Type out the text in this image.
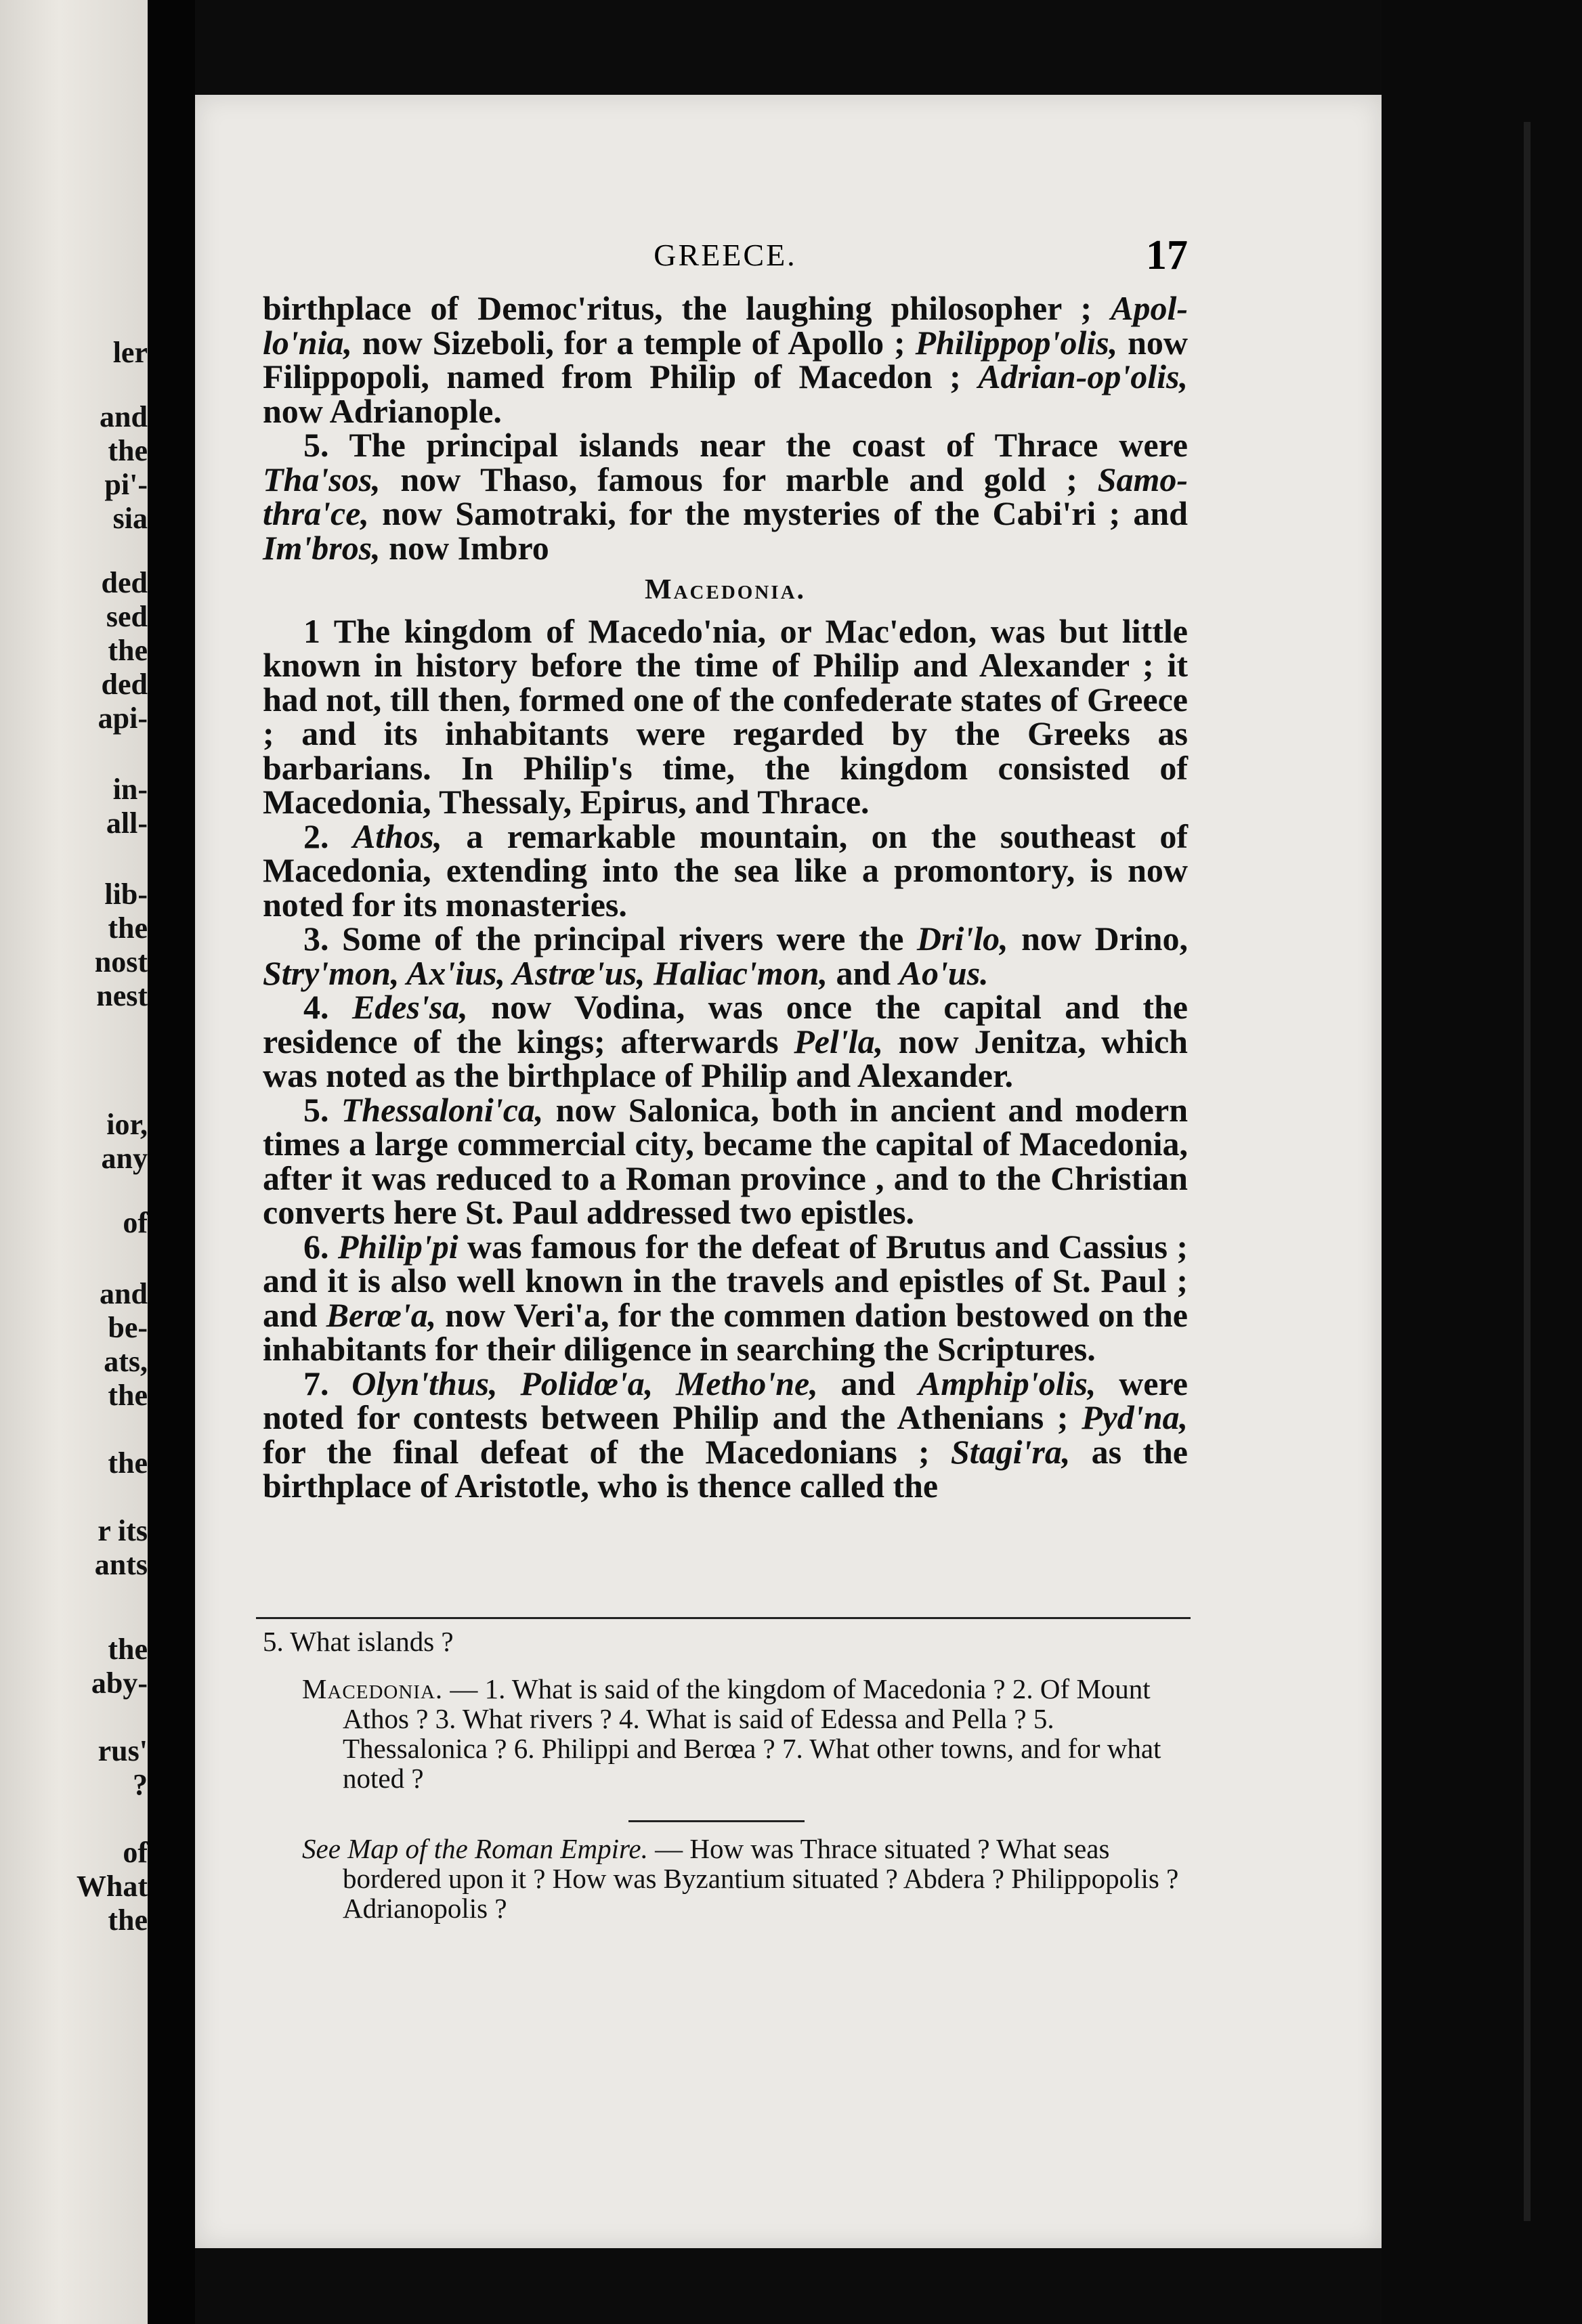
ler
and
the
pi'-
sia
ded
sed
the
ded
api-
in-
all-
lib-
the
nost
nest
ior,
any
of
and
be-
ats,
the
the
r its
ants
the
aby-
rus'
?
of
What
the
GREECE.	17

birthplace of Democ'ritus, the laughing philosopher ; Apol-lo'nia, now Sizeboli, for a temple of Apollo ; Philippop'olis, now Filippopoli, named from Philip of Macedon ; Adrian-op'olis, now Adrianople.

5. The principal islands near the coast of Thrace were Tha'sos, now Thaso, famous for marble and gold ; Samo-thra'ce, now Samotraki, for the mysteries of the Cabi'ri ; and Im'bros, now Imbro

Macedonia.

1 The kingdom of Macedo'nia, or Mac'edon, was but little known in history before the time of Philip and Alexander ; it had not, till then, formed one of the confederate states of Greece ; and its inhabitants were regarded by the Greeks as barbarians. In Philip's time, the kingdom consisted of Macedonia, Thessaly, Epirus, and Thrace.

2. Athos, a remarkable mountain, on the southeast of Macedonia, extending into the sea like a promontory, is now noted for its monasteries.

3. Some of the principal rivers were the Dri'lo, now Drino, Stry'mon, Ax'ius, Astrœ'us, Haliac'mon, and Ao'us.

4. Edes'sa, now Vodina, was once the capital and the residence of the kings; afterwards Pel'la, now Jenitza, which was noted as the birthplace of Philip and Alexander.

5. Thessaloni'ca, now Salonica, both in ancient and modern times a large commercial city, became the capital of Macedonia, after it was reduced to a Roman province , and to the Christian converts here St. Paul addressed two epistles.

6. Philip'pi was famous for the defeat of Brutus and Cassius ; and it is also well known in the travels and epistles of St. Paul ; and Berœ'a, now Veri'a, for the commen dation bestowed on the inhabitants for their diligence in searching the Scriptures.

7. Olyn'thus, Polidœ'a, Metho'ne, and Amphip'olis, were noted for contests between Philip and the Athenians ; Pyd'na, for the final defeat of the Macedonians ; Stagi'ra, as the birthplace of Aristotle, who is thence called the

5. What islands ?

Macedonia. — 1. What is said of the kingdom of Macedonia ? 2. Of Mount Athos ? 3. What rivers ? 4. What is said of Edessa and Pella ? 5. Thessalonica ? 6. Philippi and Berœa ? 7. What other towns, and for what noted ?

See Map of the Roman Empire. — How was Thrace situated ? What seas bordered upon it ? How was Byzantium situated ? Abdera ? Philippopolis ? Adrianopolis ?
